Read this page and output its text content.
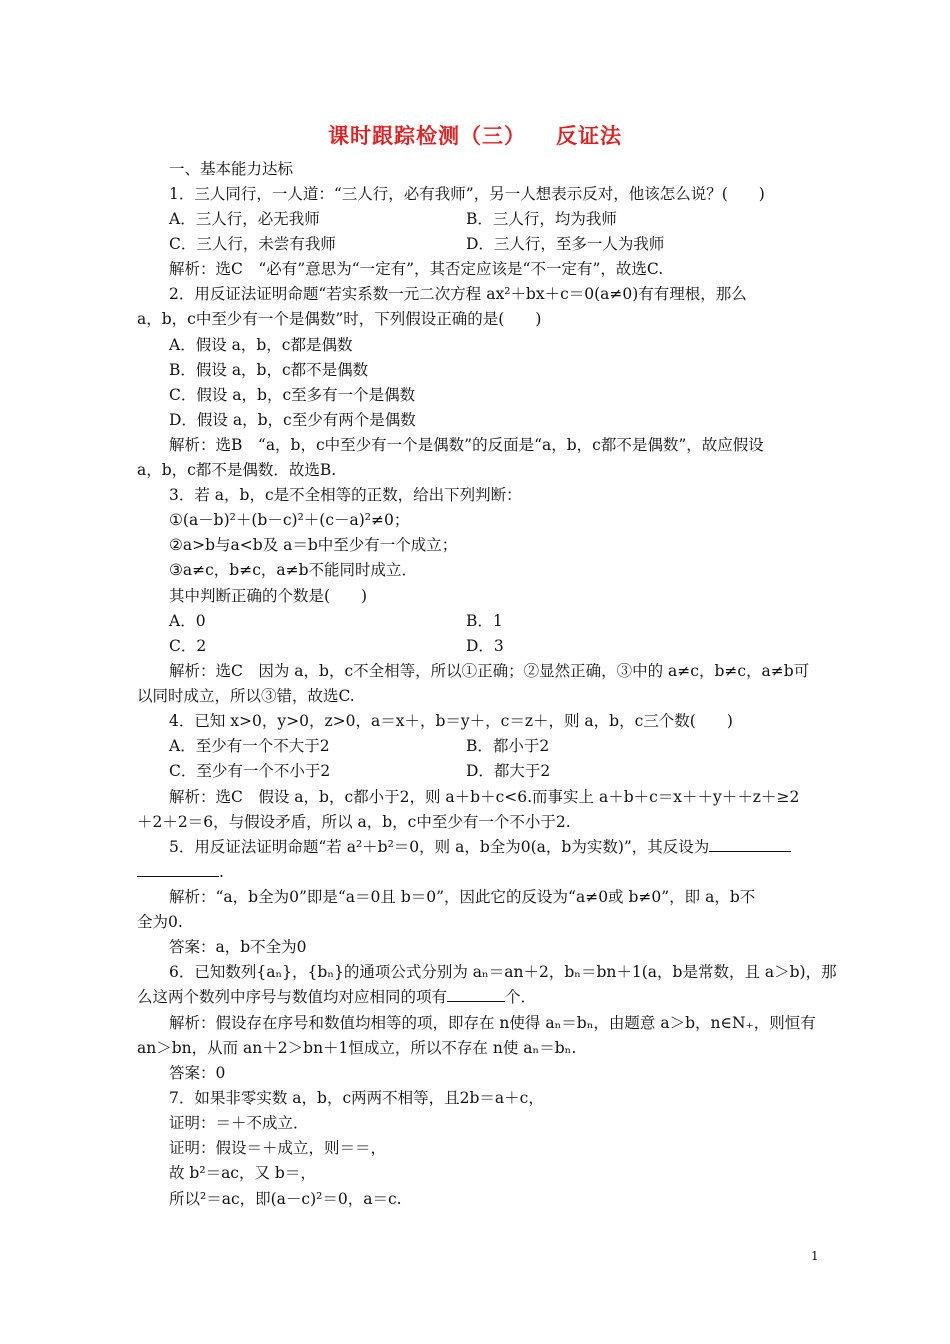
课时跟踪检测（三） 反证法
一、基本能力达标
1．三人同行，一人道：“三人行，必有我师”，另一人想表示反对，他该怎么说？(　　)
A．三人行，必无我师	B．三人行，均为我师
C．三人行，未尝有我师	D．三人行，至多一人为我师
解析：选C　“必有”意思为“一定有”，其否定应该是“不一定有”，故选C.
2．用反证法证明命题“若实系数一元二次方程 ax²＋bx＋c＝0(a≠0)有有理根，那么
a，b，c中至少有一个是偶数”时，下列假设正确的是(　　)
A．假设 a，b，c都是偶数
B．假设 a，b，c都不是偶数
C．假设 a，b，c至多有一个是偶数
D．假设 a，b，c至少有两个是偶数
解析：选B　“a，b，c中至少有一个是偶数”的反面是“a，b，c都不是偶数”，故应假设
a，b，c都不是偶数．故选B.
3．若 a，b，c是不全相等的正数，给出下列判断：
①(a－b)²＋(b－c)²＋(c－a)²≠0；
②a>b与a<b及 a＝b中至少有一个成立；
③a≠c，b≠c，a≠b不能同时成立．
其中判断正确的个数是(　　)
A．0	B．1
C．2	D．3
解析：选C　因为 a，b，c不全相等，所以①正确；②显然正确，③中的 a≠c，b≠c，a≠b可
以同时成立，所以③错，故选C.
4．已知 x>0，y>0，z>0，a＝x＋，b＝y＋，c＝z＋，则 a，b，c三个数(　　)
A．至少有一个不大于2	B．都小于2
C．至少有一个不小于2	D．都大于2
解析：选C　假设 a，b，c都小于2，则 a＋b＋c<6.而事实上 a＋b＋c＝x＋＋y＋＋z＋≥2
＋2＋2＝6，与假设矛盾，所以 a，b，c中至少有一个不小于2.
5．用反证法证明命题“若 a²＋b²＝0，则 a，b全为0(a，b为实数)”，其反设为
.
解析：“a，b全为0”即是“a＝0且 b＝0”，因此它的反设为“a≠0或 b≠0”，即 a，b不
全为0.
答案：a，b不全为0
6．已知数列{aₙ}，{bₙ}的通项公式分别为 aₙ＝an＋2，bₙ＝bn＋1(a，b是常数，且 a＞b)，那
么这两个数列中序号与数值均对应相同的项有	个．
解析：假设存在序号和数值均相等的项，即存在 n使得 aₙ＝bₙ，由题意 a＞b，n∈N₊，则恒有
an＞bn，从而 an＋2＞bn＋1恒成立，所以不存在 n使 aₙ＝bₙ.
答案：0
7．如果非零实数 a，b，c两两不相等，且2b＝a＋c，
证明：＝＋不成立．
证明：假设＝＋成立，则＝＝，
故 b²＝ac，又 b＝，
所以²＝ac，即(a－c)²＝0，a＝c.
1
